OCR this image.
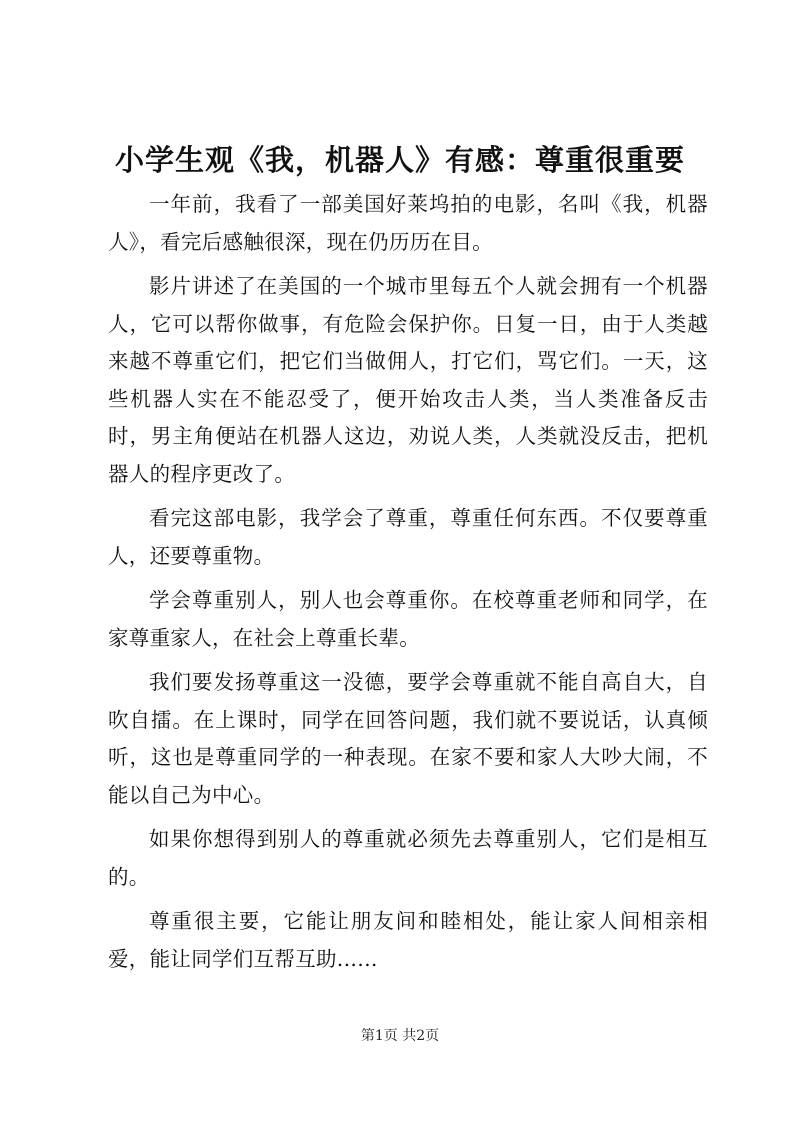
小学生观《我，机器人》有感：尊重很重要

一年前，我看了一部美国好莱坞拍的电影，名叫《我，机器人》，看完后感触很深，现在仍历历在目。

影片讲述了在美国的一个城市里每五个人就会拥有一个机器人，它可以帮你做事，有危险会保护你。日复一日，由于人类越来越不尊重它们，把它们当做佣人，打它们，骂它们。一天，这些机器人实在不能忍受了，便开始攻击人类，当人类准备反击时，男主角便站在机器人这边，劝说人类，人类就没反击，把机器人的程序更改了。

看完这部电影，我学会了尊重，尊重任何东西。不仅要尊重人，还要尊重物。

学会尊重别人，别人也会尊重你。在校尊重老师和同学，在家尊重家人，在社会上尊重长辈。

我们要发扬尊重这一没德，要学会尊重就不能自高自大，自吹自擂。在上课时，同学在回答问题，我们就不要说话，认真倾听，这也是尊重同学的一种表现。在家不要和家人大吵大闹，不能以自己为中心。

如果你想得到别人的尊重就必须先去尊重别人，它们是相互的。

尊重很主要，它能让朋友间和睦相处，能让家人间相亲相爱，能让同学们互帮互助......

第1页 共2页
